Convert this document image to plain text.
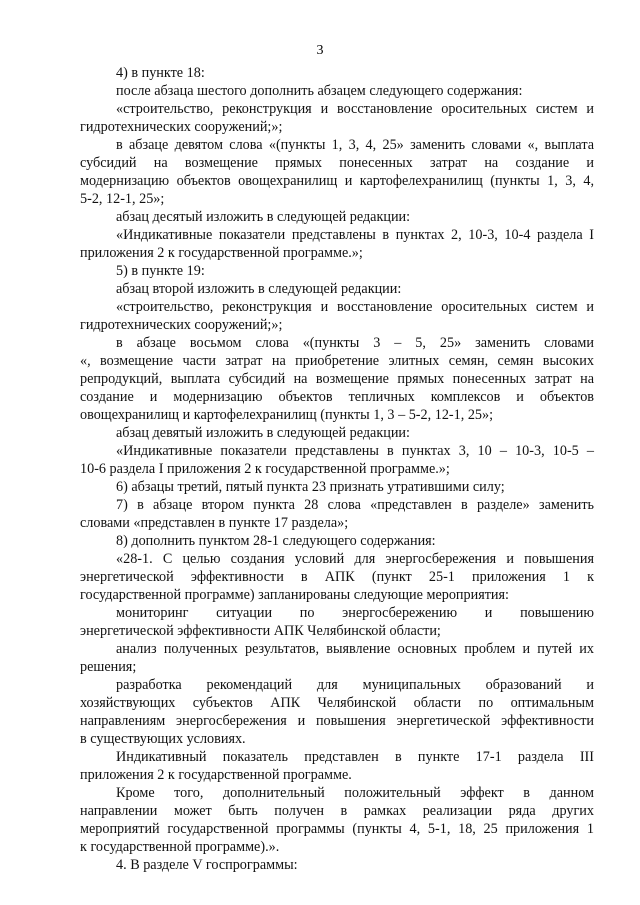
3

4) в пункте 18:

после абзаца шестого дополнить абзацем следующего содержания:

«строительство, реконструкция и восстановление оросительных систем и

гидротехнических сооружений;»;

в абзаце девятом слова «(пункты 1, 3, 4, 25» заменить словами «, выплата

субсидий на возмещение прямых понесенных затрат на создание и

модернизацию объектов овощехранилищ и картофелехранилищ (пункты 1, 3, 4,

5-2, 12-1, 25»;

абзац десятый изложить в следующей редакции:

«Индикативные показатели представлены в пунктах 2, 10-3, 10-4 раздела I

приложения 2 к государственной программе.»;

5) в пункте 19:

абзац второй изложить в следующей редакции:

«строительство, реконструкция и восстановление оросительных систем и

гидротехнических сооружений;»;

в абзаце восьмом слова «(пункты 3 – 5, 25» заменить словами

«, возмещение части затрат на приобретение элитных семян, семян высоких

репродукций, выплата субсидий на возмещение прямых понесенных затрат на

создание и модернизацию объектов тепличных комплексов и объектов

овощехранилищ и картофелехранилищ (пункты 1, 3 – 5-2, 12-1, 25»;

абзац девятый изложить в следующей редакции:

«Индикативные показатели представлены в пунктах 3, 10 – 10-3, 10-5 –

10-6 раздела I приложения 2 к государственной программе.»;

6) абзацы третий, пятый пункта 23 признать утратившими силу;

7) в абзаце втором пункта 28 слова «представлен в разделе» заменить

словами «представлен в пункте 17 раздела»;

8) дополнить пунктом 28-1 следующего содержания:

«28-1. С целью создания условий для энергосбережения и повышения

энергетической эффективности в АПК (пункт 25-1 приложения 1 к

государственной программе) запланированы следующие мероприятия:

мониторинг ситуации по энергосбережению и повышению

энергетической эффективности АПК Челябинской области;

анализ полученных результатов, выявление основных проблем и путей их

решения;

разработка рекомендаций для муниципальных образований и

хозяйствующих субъектов АПК Челябинской области по оптимальным

направлениям энергосбережения и повышения энергетической эффективности

в существующих условиях.

Индикативный показатель представлен в пункте 17-1 раздела III

приложения 2 к государственной программе.

Кроме того, дополнительный положительный эффект в данном

направлении может быть получен в рамках реализации ряда других

мероприятий государственной программы (пункты 4, 5-1, 18, 25 приложения 1

к государственной программе).».

4. В разделе V госпрограммы:
